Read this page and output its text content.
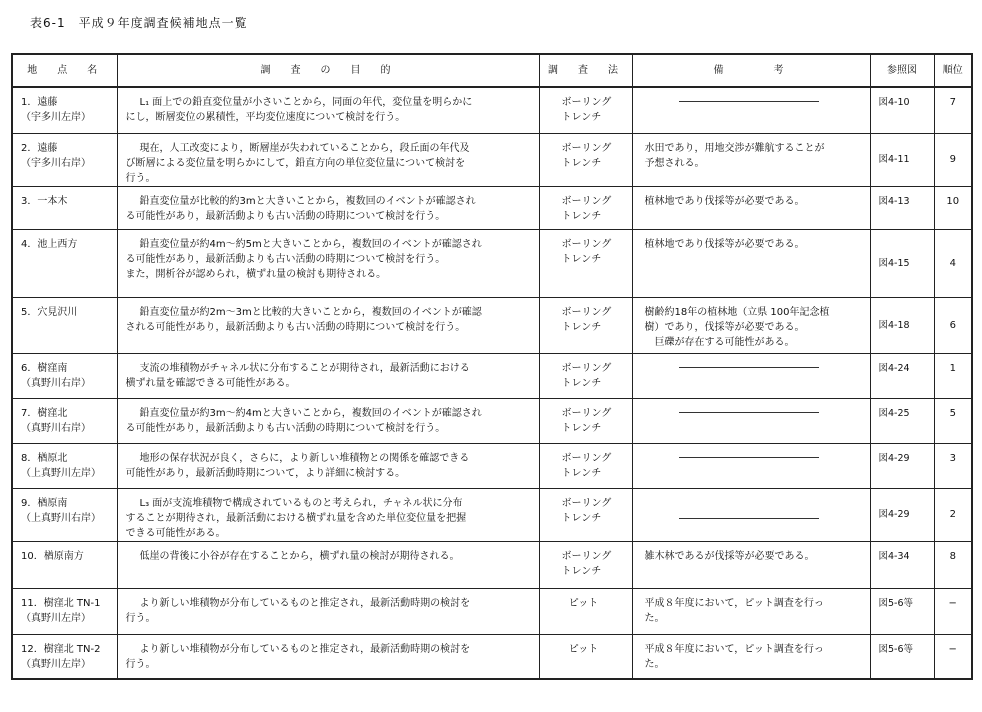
表6-1　平成９年度調査候補地点一覧
地　点　名	調　査　の　目　的	調　査　法	備　　　考	参照図	順位
1．遠藤
（宇多川左岸）	L₁ 面上での鉛直変位量が小さいことから，同面の年代，変位量を明らかに
にし，断層変位の累積性，平均変位速度について検討を行う。	ボーリング
トレンチ		図4-10	7
2．遠藤
（宇多川右岸）	現在，人工改変により，断層崖が失われていることから，段丘面の年代及
び断層による変位量を明らかにして，鉛直方向の単位変位量について検討を
行う。	ボーリング
トレンチ	水田であり，用地交渉が難航することが
予想される。	図4-11	9
3．一本木	鉛直変位量が比較的約3mと大きいことから，複数回のイベントが確認され
る可能性があり，最新活動よりも古い活動の時期について検討を行う。	ボーリング
トレンチ	植林地であり伐採等が必要である。	図4-13	10
4．池上西方	鉛直変位量が約4m〜約5mと大きいことから，複数回のイベントが確認され
る可能性があり，最新活動よりも古い活動の時期について検討を行う。
また，開析谷が認められ，横ずれ量の検討も期待される。	ボーリング
トレンチ	植林地であり伐採等が必要である。	図4-15	4
5．穴見沢川	鉛直変位量が約2m〜3mと比較的大きいことから，複数回のイベントが確認
される可能性があり，最新活動よりも古い活動の時期について検討を行う。	ボーリング
トレンチ	樹齢約18年の植林地（立県 100年記念植
樹）であり，伐採等が必要である。
　巨礫が存在する可能性がある。	図4-18	6
6．樹窪南
（真野川右岸）	支流の堆積物がチャネル状に分布することが期待され，最新活動における
横ずれ量を確認できる可能性がある。	ボーリング
トレンチ		図4-24	1
7．樹窪北
（真野川右岸）	鉛直変位量が約3m〜約4mと大きいことから，複数回のイベントが確認され
る可能性があり，最新活動よりも古い活動の時期について検討を行う。	ボーリング
トレンチ		図4-25	5
8．楢原北
（上真野川左岸）	地形の保存状況が良く，さらに，より新しい堆積物との関係を確認できる
可能性があり，最新活動時期について，より詳細に検討する。	ボーリング
トレンチ		図4-29	3
9．楢原南
（上真野川右岸）	L₃ 面が支流堆積物で構成されているものと考えられ，チャネル状に分布
することが期待され，最新活動における横ずれ量を含めた単位変位量を把握
できる可能性がある。	ボーリング
トレンチ		図4-29	2
10．楢原南方	低崖の背後に小谷が存在することから，横ずれ量の検討が期待される。	ボーリング
トレンチ	雑木林であるが伐採等が必要である。	図4-34	8
11．樹窪北 TN-1
（真野川左岸）	より新しい堆積物が分布しているものと推定され，最新活動時期の検討を
行う。	ピット	平成８年度において，ピット調査を行っ
た。	図5-6等	−
12．樹窪北 TN-2
（真野川左岸）	より新しい堆積物が分布しているものと推定され，最新活動時期の検討を
行う。	ピット	平成８年度において，ピット調査を行っ
た。	図5-6等	−
